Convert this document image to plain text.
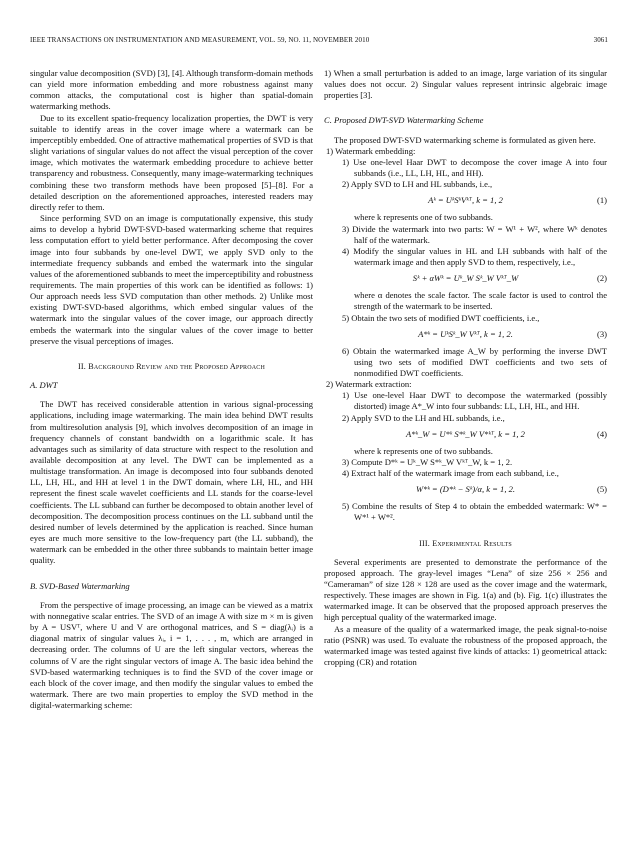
IEEE TRANSACTIONS ON INSTRUMENTATION AND MEASUREMENT, VOL. 59, NO. 11, NOVEMBER 2010	3061

singular value decomposition (SVD) [3], [4]. Although transform-domain methods can yield more information embedding and more robustness against many common attacks, the computational cost is higher than spatial-domain watermarking methods.

Due to its excellent spatio-frequency localization properties, the DWT is very suitable to identify areas in the cover image where a watermark can be imperceptibly embedded. One of attractive mathematical properties of SVD is that slight variations of singular values do not affect the visual perception of the cover image, which motivates the watermark embedding procedure to achieve better transparency and robustness. Consequently, many image-watermarking techniques combining these two transform methods have been proposed [5]–[8]. For a detailed description on the aforementioned approaches, interested readers may directly refer to them.

Since performing SVD on an image is computationally expensive, this study aims to develop a hybrid DWT-SVD-based watermarking scheme that requires less computation effort to yield better performance. After decomposing the cover image into four subbands by one-level DWT, we apply SVD only to the intermediate frequency subbands and embed the watermark into the singular values of the aforementioned subbands to meet the imperceptibility and robustness requirements. The main properties of this work can be identified as follows: 1) Our approach needs less SVD computation than other methods. 2) Unlike most existing DWT-SVD-based algorithms, which embed singular values of the watermark into the singular values of the cover image, our approach directly embeds the watermark into the singular values of the cover image to better preserve the visual perceptions of images.

II. Background Review and the Proposed Approach

A. DWT

The DWT has received considerable attention in various signal-processing applications, including image watermarking. The main idea behind DWT results from multiresolution analysis [9], which involves decomposition of an image in frequency channels of constant bandwidth on a logarithmic scale. It has advantages such as similarity of data structure with respect to the resolution and available decomposition at any level. The DWT can be implemented as a multistage transformation. An image is decomposed into four subbands denoted LL, LH, HL, and HH at level 1 in the DWT domain, where LH, HL, and HH represent the finest scale wavelet coefficients and LL stands for the coarse-level coefficients. The LL subband can further be decomposed to obtain another level of decomposition. The decomposition process continues on the LL subband until the desired number of levels determined by the application is reached. Since human eyes are much more sensitive to the low-frequency part (the LL subband), the watermark can be embedded in the other three subbands to maintain better image quality.

B. SVD-Based Watermarking

From the perspective of image processing, an image can be viewed as a matrix with nonnegative scalar entries. The SVD of an image A with size m × m is given by A = USVᵀ, where U and V are orthogonal matrices, and S = diag(λᵢ) is a diagonal matrix of singular values λᵢ, i = 1, . . . , m, which are arranged in decreasing order. The columns of U are the left singular vectors, whereas the columns of V are the right singular vectors of image A. The basic idea behind the SVD-based watermarking techniques is to find the SVD of the cover image or each block of the cover image, and then modify the singular values to embed the watermark. There are two main properties to employ the SVD method in the digital-watermarking scheme:

1) When a small perturbation is added to an image, large variation of its singular values does not occur. 2) Singular values represent intrinsic algebraic image properties [3].

C. Proposed DWT-SVD Watermarking Scheme

The proposed DWT-SVD watermarking scheme is formulated as given here.

1) Watermark embedding:

1) Use one-level Haar DWT to decompose the cover image A into four subbands (i.e., LL, LH, HL, and HH).

2) Apply SVD to LH and HL subbands, i.e.,

Aᵏ = UᵏSᵏVᵏᵀ, k = 1, 2	(1)

where k represents one of two subbands.

3) Divide the watermark into two parts: W = W¹ + W², where Wᵏ denotes half of the watermark.

4) Modify the singular values in HL and LH subbands with half of the watermark image and then apply SVD to them, respectively, i.e.,

Sᵏ + αWᵏ = Uᵏ_W Sᵏ_W Vᵏᵀ_W	(2)

where α denotes the scale factor. The scale factor is used to control the strength of the watermark to be inserted.

5) Obtain the two sets of modified DWT coefficients, i.e.,

A*ᵏ = UᵏSᵏ_W Vᵏᵀ, k = 1, 2.	(3)

6) Obtain the watermarked image A_W by performing the inverse DWT using two sets of modified DWT coefficients and two sets of nonmodified DWT coefficients.

2) Watermark extraction:

1) Use one-level Haar DWT to decompose the watermarked (possibly distorted) image A*_W into four subbands: LL, LH, HL, and HH.

2) Apply SVD to the LH and HL subbands, i.e.,

A*ᵏ_W = U*ᵏ S*ᵏ_W V*ᵏᵀ, k = 1, 2	(4)

where k represents one of two subbands.

3) Compute D*ᵏ = Uᵏ_W S*ᵏ_W Vᵏᵀ_W, k = 1, 2.

4) Extract half of the watermark image from each subband, i.e.,

W*ᵏ = (D*ᵏ − Sᵏ)/α, k = 1, 2.	(5)

5) Combine the results of Step 4 to obtain the embedded watermark: W* = W*¹ + W*².

III. Experimental Results

Several experiments are presented to demonstrate the performance of the proposed approach. The gray-level images “Lena” of size 256 × 256 and “Cameraman” of size 128 × 128 are used as the cover image and the watermark, respectively. These images are shown in Fig. 1(a) and (b). Fig. 1(c) illustrates the watermarked image. It can be observed that the proposed approach preserves the high perceptual quality of the watermarked image.

As a measure of the quality of a watermarked image, the peak signal-to-noise ratio (PSNR) was used. To evaluate the robustness of the proposed approach, the watermarked image was tested against five kinds of attacks: 1) geometrical attack: cropping (CR) and rotation
